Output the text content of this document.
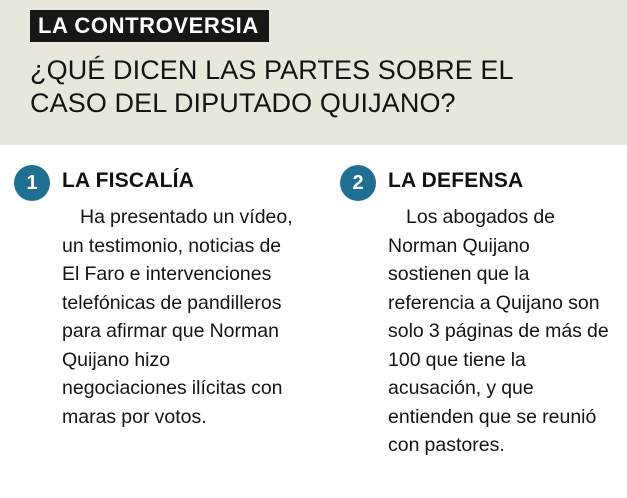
LA CONTROVERSIA
¿QUÉ DICEN LAS PARTES SOBRE EL CASO DEL DIPUTADO QUIJANO?
1	LA FISCALÍA
Ha presentado un vídeo, un testimonio, noticias de El Faro e intervenciones telefónicas de pandilleros para afirmar que Norman Quijano hizo negociaciones ilícitas con maras por votos.
2	LA DEFENSA
Los abogados de Norman Quijano sostienen que la referencia a Quijano son solo 3 páginas de más de 100 que tiene la acusación, y que entienden que se reunió con pastores.
